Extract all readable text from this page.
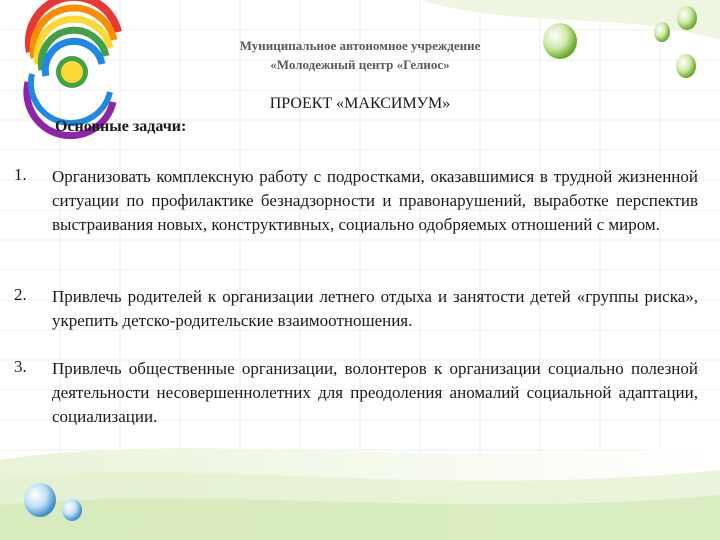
Муниципальное автономное учреждение
«Молодежный центр «Гелиос»
ПРОЕКТ «МАКСИМУМ»
Основные задачи:
1. Организовать комплексную работу с подростками, оказавшимися в трудной жизненной ситуации по профилактике безнадзорности и правонарушений, выработке перспектив выстраивания новых, конструктивных, социально одобряемых отношений с миром.
2. Привлечь родителей к организации летнего отдыха и занятости детей «группы риска», укрепить детско-родительские взаимоотношения.
3. Привлечь общественные организации, волонтеров к организации социально полезной деятельности несовершеннолетних для преодоления аномалий социальной адаптации, социализации.
